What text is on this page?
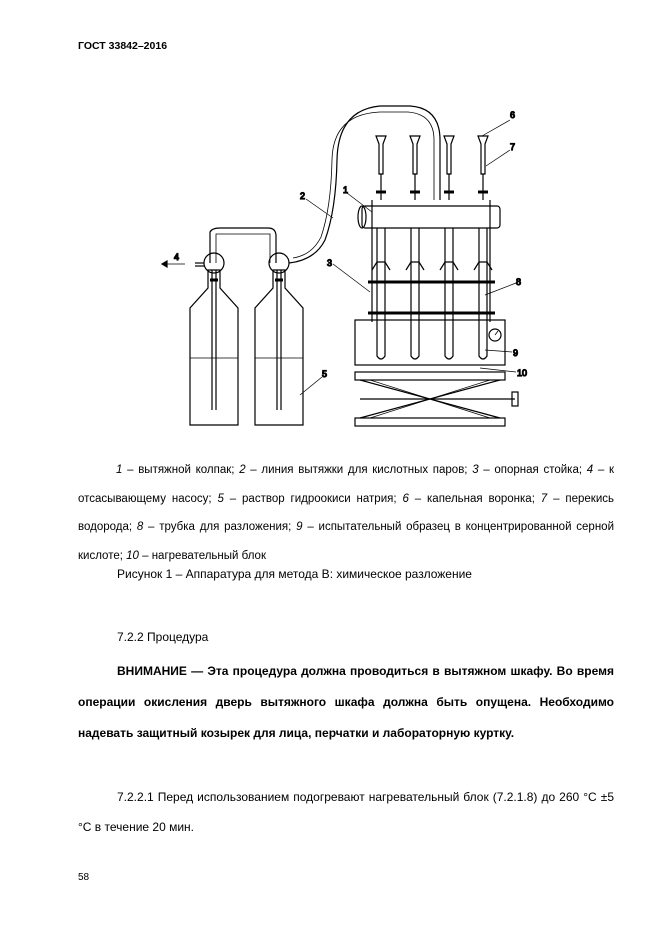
ГОСТ 33842–2016
1
2
3
4
5
6
7
8
9
10
1 – вытяжной колпак; 2 – линия вытяжки для кислотных паров; 3 – опорная стойка; 4 – к отсасывающему насосу; 5 – раствор гидроокиси натрия; 6 – капельная воронка; 7 – перекись водорода; 8 – трубка для разложения; 9 – испытательный образец в концентрированной серной кислоте; 10 – нагревательный блок
Рисунок 1 – Аппаратура для метода В: химическое разложение
7.2.2 Процедура
ВНИМАНИЕ — Эта процедура должна проводиться в вытяжном шкафу. Во время операции окисления дверь вытяжного шкафа должна быть опущена. Необходимо надевать защитный козырек для лица, перчатки и лабораторную куртку.
7.2.2.1 Перед использованием подогревают нагревательный блок (7.2.1.8) до 260 °С ±5 °С в течение 20 мин.
58
